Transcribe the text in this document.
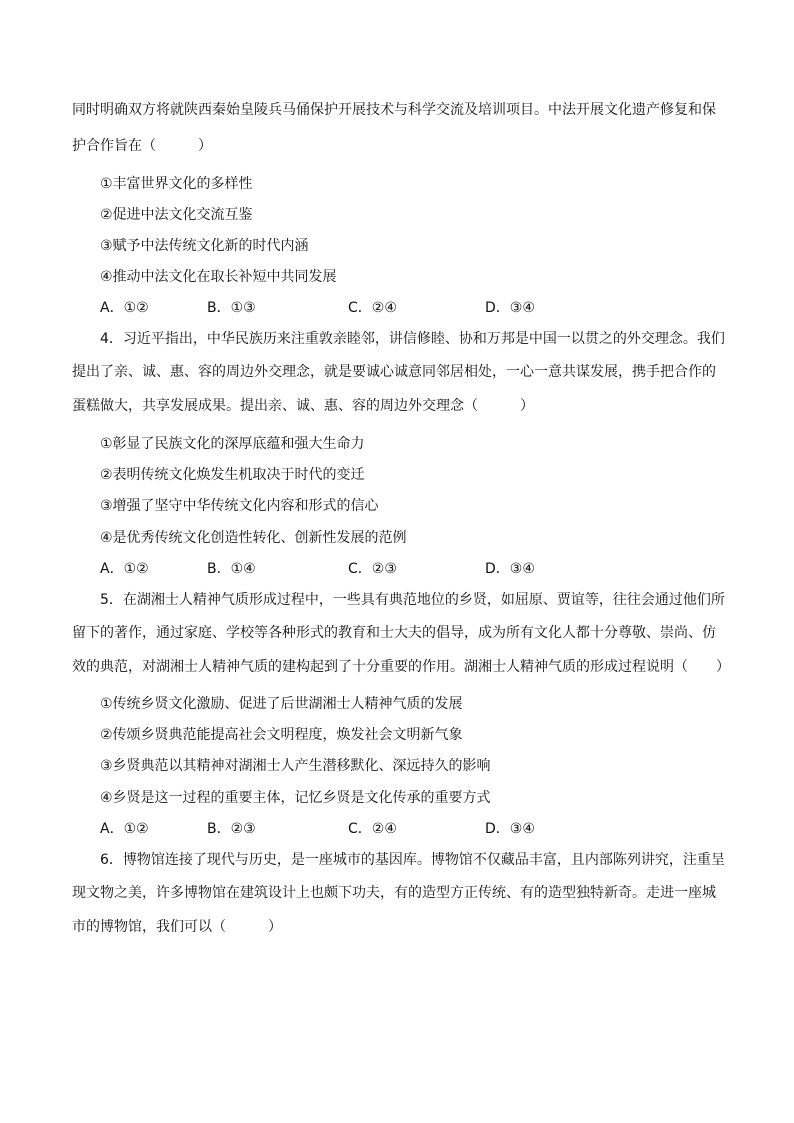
同时明确双方将就陕西秦始皇陵兵马俑保护开展技术与科学交流及培训项目。中法开展文化遗产修复和保
护合作旨在（　　　）
①丰富世界文化的多样性
②促进中法文化交流互鉴
③赋予中法传统文化新的时代内涵
④推动中法文化在取长补短中共同发展
A．①②	B．①③	C．②④	D．③④
4．习近平指出，中华民族历来注重敦亲睦邻，讲信修睦、协和万邦是中国一以贯之的外交理念。我们
提出了亲、诚、惠、容的周边外交理念，就是要诚心诚意同邻居相处，一心一意共谋发展，携手把合作的
蛋糕做大，共享发展成果。提出亲、诚、惠、容的周边外交理念（　　　）
①彰显了民族文化的深厚底蕴和强大生命力
②表明传统文化焕发生机取决于时代的变迁
③增强了坚守中华传统文化内容和形式的信心
④是优秀传统文化创造性转化、创新性发展的范例
A．①②	B．①④	C．②③	D．③④
5．在湖湘士人精神气质形成过程中，一些具有典范地位的乡贤，如屈原、贾谊等，往往会通过他们所
留下的著作，通过家庭、学校等各种形式的教育和士大夫的倡导，成为所有文化人都十分尊敬、崇尚、仿
效的典范，对湖湘士人精神气质的建构起到了十分重要的作用。湖湘士人精神气质的形成过程说明（　　）
①传统乡贤文化激励、促进了后世湖湘士人精神气质的发展
②传颂乡贤典范能提高社会文明程度，焕发社会文明新气象
③乡贤典范以其精神对湖湘士人产生潜移默化、深远持久的影响
④乡贤是这一过程的重要主体，记忆乡贤是文化传承的重要方式
A．①②	B．②③	C．②④	D．③④
6．博物馆连接了现代与历史，是一座城市的基因库。博物馆不仅藏品丰富，且内部陈列讲究，注重呈
现文物之美，许多博物馆在建筑设计上也颇下功夫，有的造型方正传统、有的造型独特新奇。走进一座城
市的博物馆，我们可以（　　　）
